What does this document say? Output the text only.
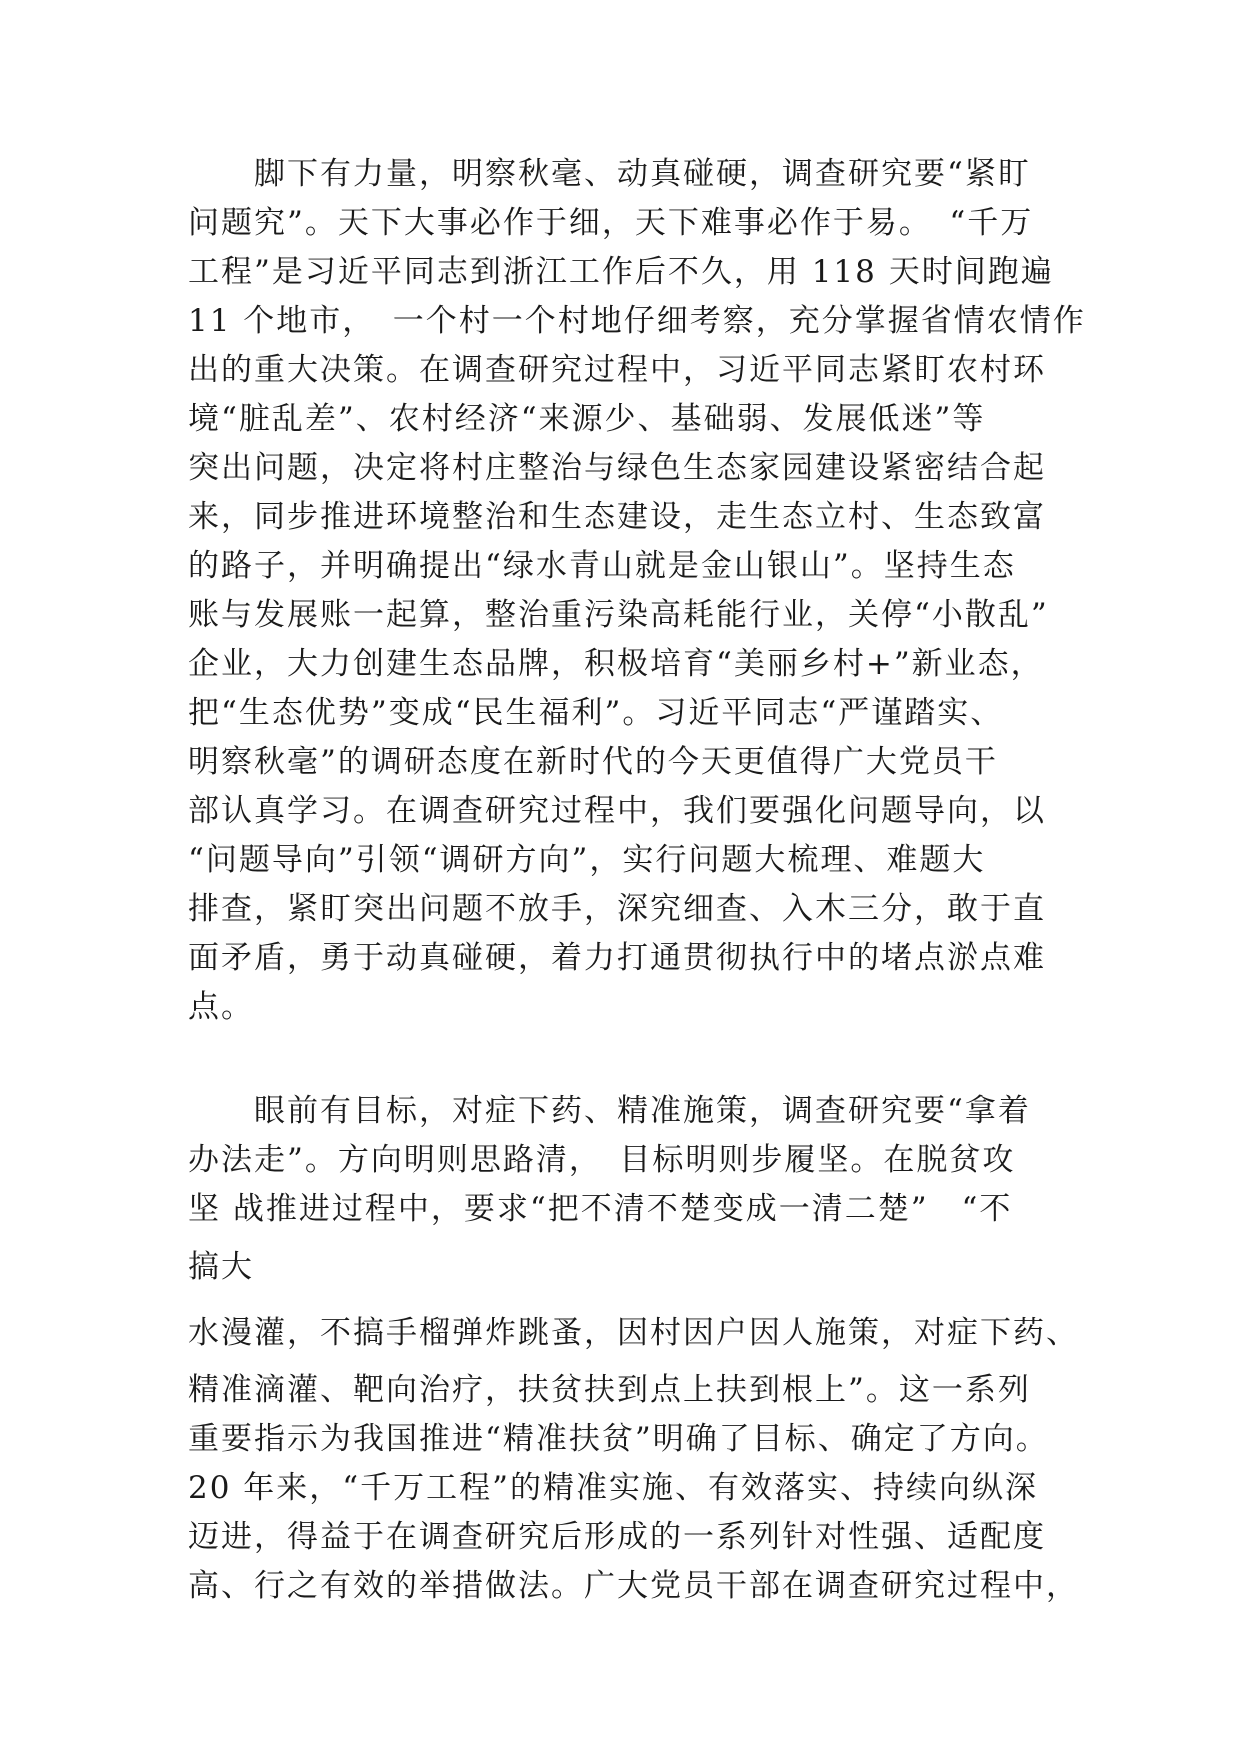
　　脚下有力量，明察秋毫、动真碰硬，调查研究要“紧盯
问题究”。天下大事必作于细，天下难事必作于易。　“千万
工程”是习近平同志到浙江工作后不久，用 118 天时间跑遍
11 个地市，　一个村一个村地仔细考察，充分掌握省情农情作
出的重大决策。在调查研究过程中，习近平同志紧盯农村环
境“脏乱差”、农村经济“来源少、基础弱、发展低迷”等
突出问题，决定将村庄整治与绿色生态家园建设紧密结合起
来，同步推进环境整治和生态建设，走生态立村、生态致富
的路子，并明确提出“绿水青山就是金山银山”。坚持生态
账与发展账一起算，整治重污染高耗能行业，关停“小散乱”
企业，大力创建生态品牌，积极培育“美丽乡村+”新业态，
把“生态优势”变成“民生福利”。习近平同志“严谨踏实、
明察秋毫”的调研态度在新时代的今天更值得广大党员干
部认真学习。在调查研究过程中，我们要强化问题导向，以
“问题导向”引领“调研方向”，实行问题大梳理、难题大
排查，紧盯突出问题不放手，深究细查、入木三分，敢于直
面矛盾，勇于动真碰硬，着力打通贯彻执行中的堵点淤点难
点。
　　眼前有目标，对症下药、精准施策，调查研究要“拿着
办法走”。方向明则思路清，　目标明则步履坚。在脱贫攻
坚 战推进过程中，要求“把不清不楚变成一清二楚”　“不
搞大
水漫灌，不搞手榴弹炸跳蚤，因村因户因人施策，对症下药、
精准滴灌、靶向治疗，扶贫扶到点上扶到根上”。这一系列
重要指示为我国推进“精准扶贫”明确了目标、确定了方向。
20 年来，“千万工程”的精准实施、有效落实、持续向纵深
迈进，得益于在调查研究后形成的一系列针对性强、适配度
高、行之有效的举措做法。广大党员干部在调查研究过程中，
